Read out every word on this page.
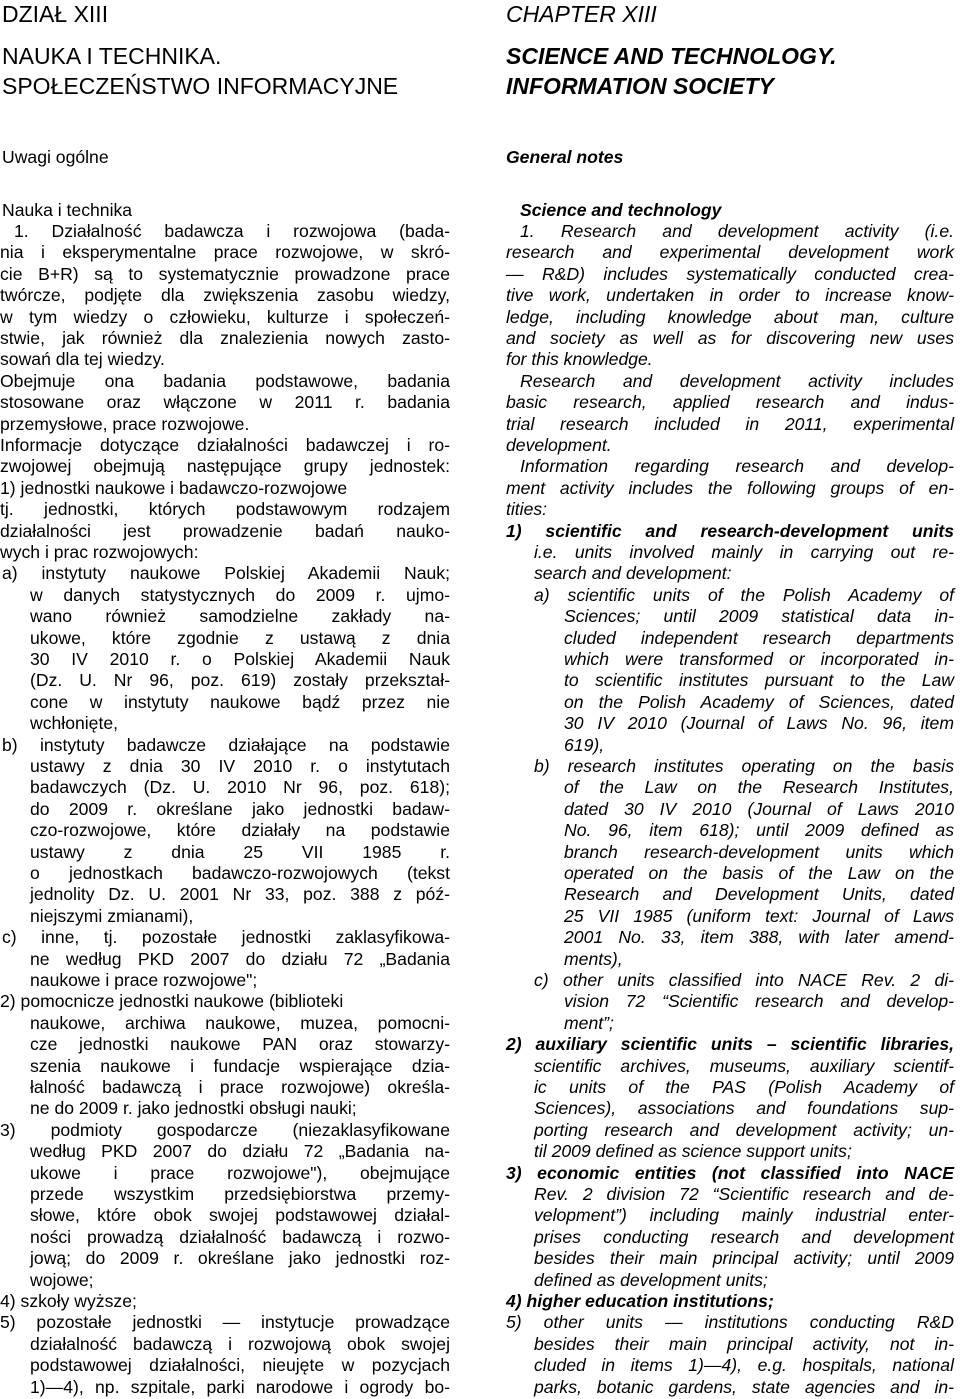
DZIAŁ XIII
NAUKA I TECHNIKA.
SPOŁECZEŃSTWO INFORMACYJNE
Uwagi ogólne
Nauka i technika
1. Działalność badawcza i rozwojowa (bada-
nia i eksperymentalne prace rozwojowe, w skró-
cie B+R) są to systematycznie prowadzone prace
twórcze, podjęte dla zwiększenia zasobu wiedzy,
w tym wiedzy o człowieku, kulturze i społeczeń-
stwie, jak również dla znalezienia nowych zasto-
sowań dla tej wiedzy.
Obejmuje ona badania podstawowe, badania
stosowane oraz włączone w 2011 r. badania
przemysłowe, prace rozwojowe.
Informacje dotyczące działalności badawczej i ro-
zwojowej obejmują następujące grupy jednostek:
1) jednostki naukowe i badawczo-rozwojowe
tj. jednostki, których podstawowym rodzajem
działalności jest prowadzenie badań nauko-
wych i prac rozwojowych:
a) instytuty naukowe Polskiej Akademii Nauk;
w danych statystycznych do 2009 r. ujmo-
wano również samodzielne zakłady na-
ukowe, które zgodnie z ustawą z dnia
30 IV 2010 r. o Polskiej Akademii Nauk
(Dz. U. Nr 96, poz. 619) zostały przekształ-
cone w instytuty naukowe bądź przez nie
wchłonięte,
b) instytuty badawcze działające na podstawie
ustawy z dnia 30 IV 2010 r. o instytutach
badawczych (Dz. U. 2010 Nr 96, poz. 618);
do 2009 r. określane jako jednostki badaw-
czo-rozwojowe, które działały na podstawie
ustawy z dnia 25 VII 1985 r.
o jednostkach badawczo-rozwojowych (tekst
jednolity Dz. U. 2001 Nr 33, poz. 388 z póź-
niejszymi zmianami),
c) inne, tj. pozostałe jednostki zaklasyfikowa-
ne według PKD 2007 do działu 72 „Badania
naukowe i prace rozwojowe";
2) pomocnicze jednostki naukowe (biblioteki
naukowe, archiwa naukowe, muzea, pomocni-
cze jednostki naukowe PAN oraz stowarzy-
szenia naukowe i fundacje wspierające dzia-
łalność badawczą i prace rozwojowe) określa-
ne do 2009 r. jako jednostki obsługi nauki;
3) podmioty gospodarcze (niezaklasyfikowane
według PKD 2007 do działu 72 „Badania na-
ukowe i prace rozwojowe"), obejmujące
przede wszystkim przedsiębiorstwa przemy-
słowe, które obok swojej podstawowej działal-
ności prowadzą działalność badawczą i rozwo-
jową; do 2009 r. określane jako jednostki roz-
wojowe;
4) szkoły wyższe;
5) pozostałe jednostki — instytucje prowadzące
działalność badawczą i rozwojową obok swojej
podstawowej działalności, nieujęte w pozycjach
1)—4), np. szpitale, parki narodowe i ogrody bo-
CHAPTER XIII
SCIENCE AND TECHNOLOGY.
INFORMATION SOCIETY
General notes
Science and technology
1. Research and development activity (i.e.
research and experimental development work
— R&D) includes systematically conducted crea-
tive work, undertaken in order to increase know-
ledge, including knowledge about man, culture
and society as well as for discovering new uses
for this knowledge.
Research and development activity includes
basic research, applied research and indus-
trial research included in 2011, experimental
development.
Information regarding research and develop-
ment activity includes the following groups of en-
tities:
1) scientific and research-development units
i.e. units involved mainly in carrying out re-
search and development:
a) scientific units of the Polish Academy of
Sciences; until 2009 statistical data in-
cluded independent research departments
which were transformed or incorporated in-
to scientific institutes pursuant to the Law
on the Polish Academy of Sciences, dated
30 IV 2010 (Journal of Laws No. 96, item
619),
b) research institutes operating on the basis
of the Law on the Research Institutes,
dated 30 IV 2010 (Journal of Laws 2010
No. 96, item 618); until 2009 defined as
branch research-development units which
operated on the basis of the Law on the
Research and Development Units, dated
25 VII 1985 (uniform text: Journal of Laws
2001 No. 33, item 388, with later amend-
ments),
c) other units classified into NACE Rev. 2 di-
vision 72 “Scientific research and develop-
ment”;
2) auxiliary scientific units – scientific libraries,
scientific archives, museums, auxiliary scientif-
ic units of the PAS (Polish Academy of
Sciences), associations and foundations sup-
porting research and development activity; un-
til 2009 defined as science support units;
3) economic entities (not classified into NACE
Rev. 2 division 72 “Scientific research and de-
velopment”) including mainly industrial enter-
prises conducting research and development
besides their main principal activity; until 2009
defined as development units;
4) higher education institutions;
5) other units — institutions conducting R&D
besides their main principal activity, not in-
cluded in items 1)—4), e.g. hospitals, national
parks, botanic gardens, state agencies and in-
